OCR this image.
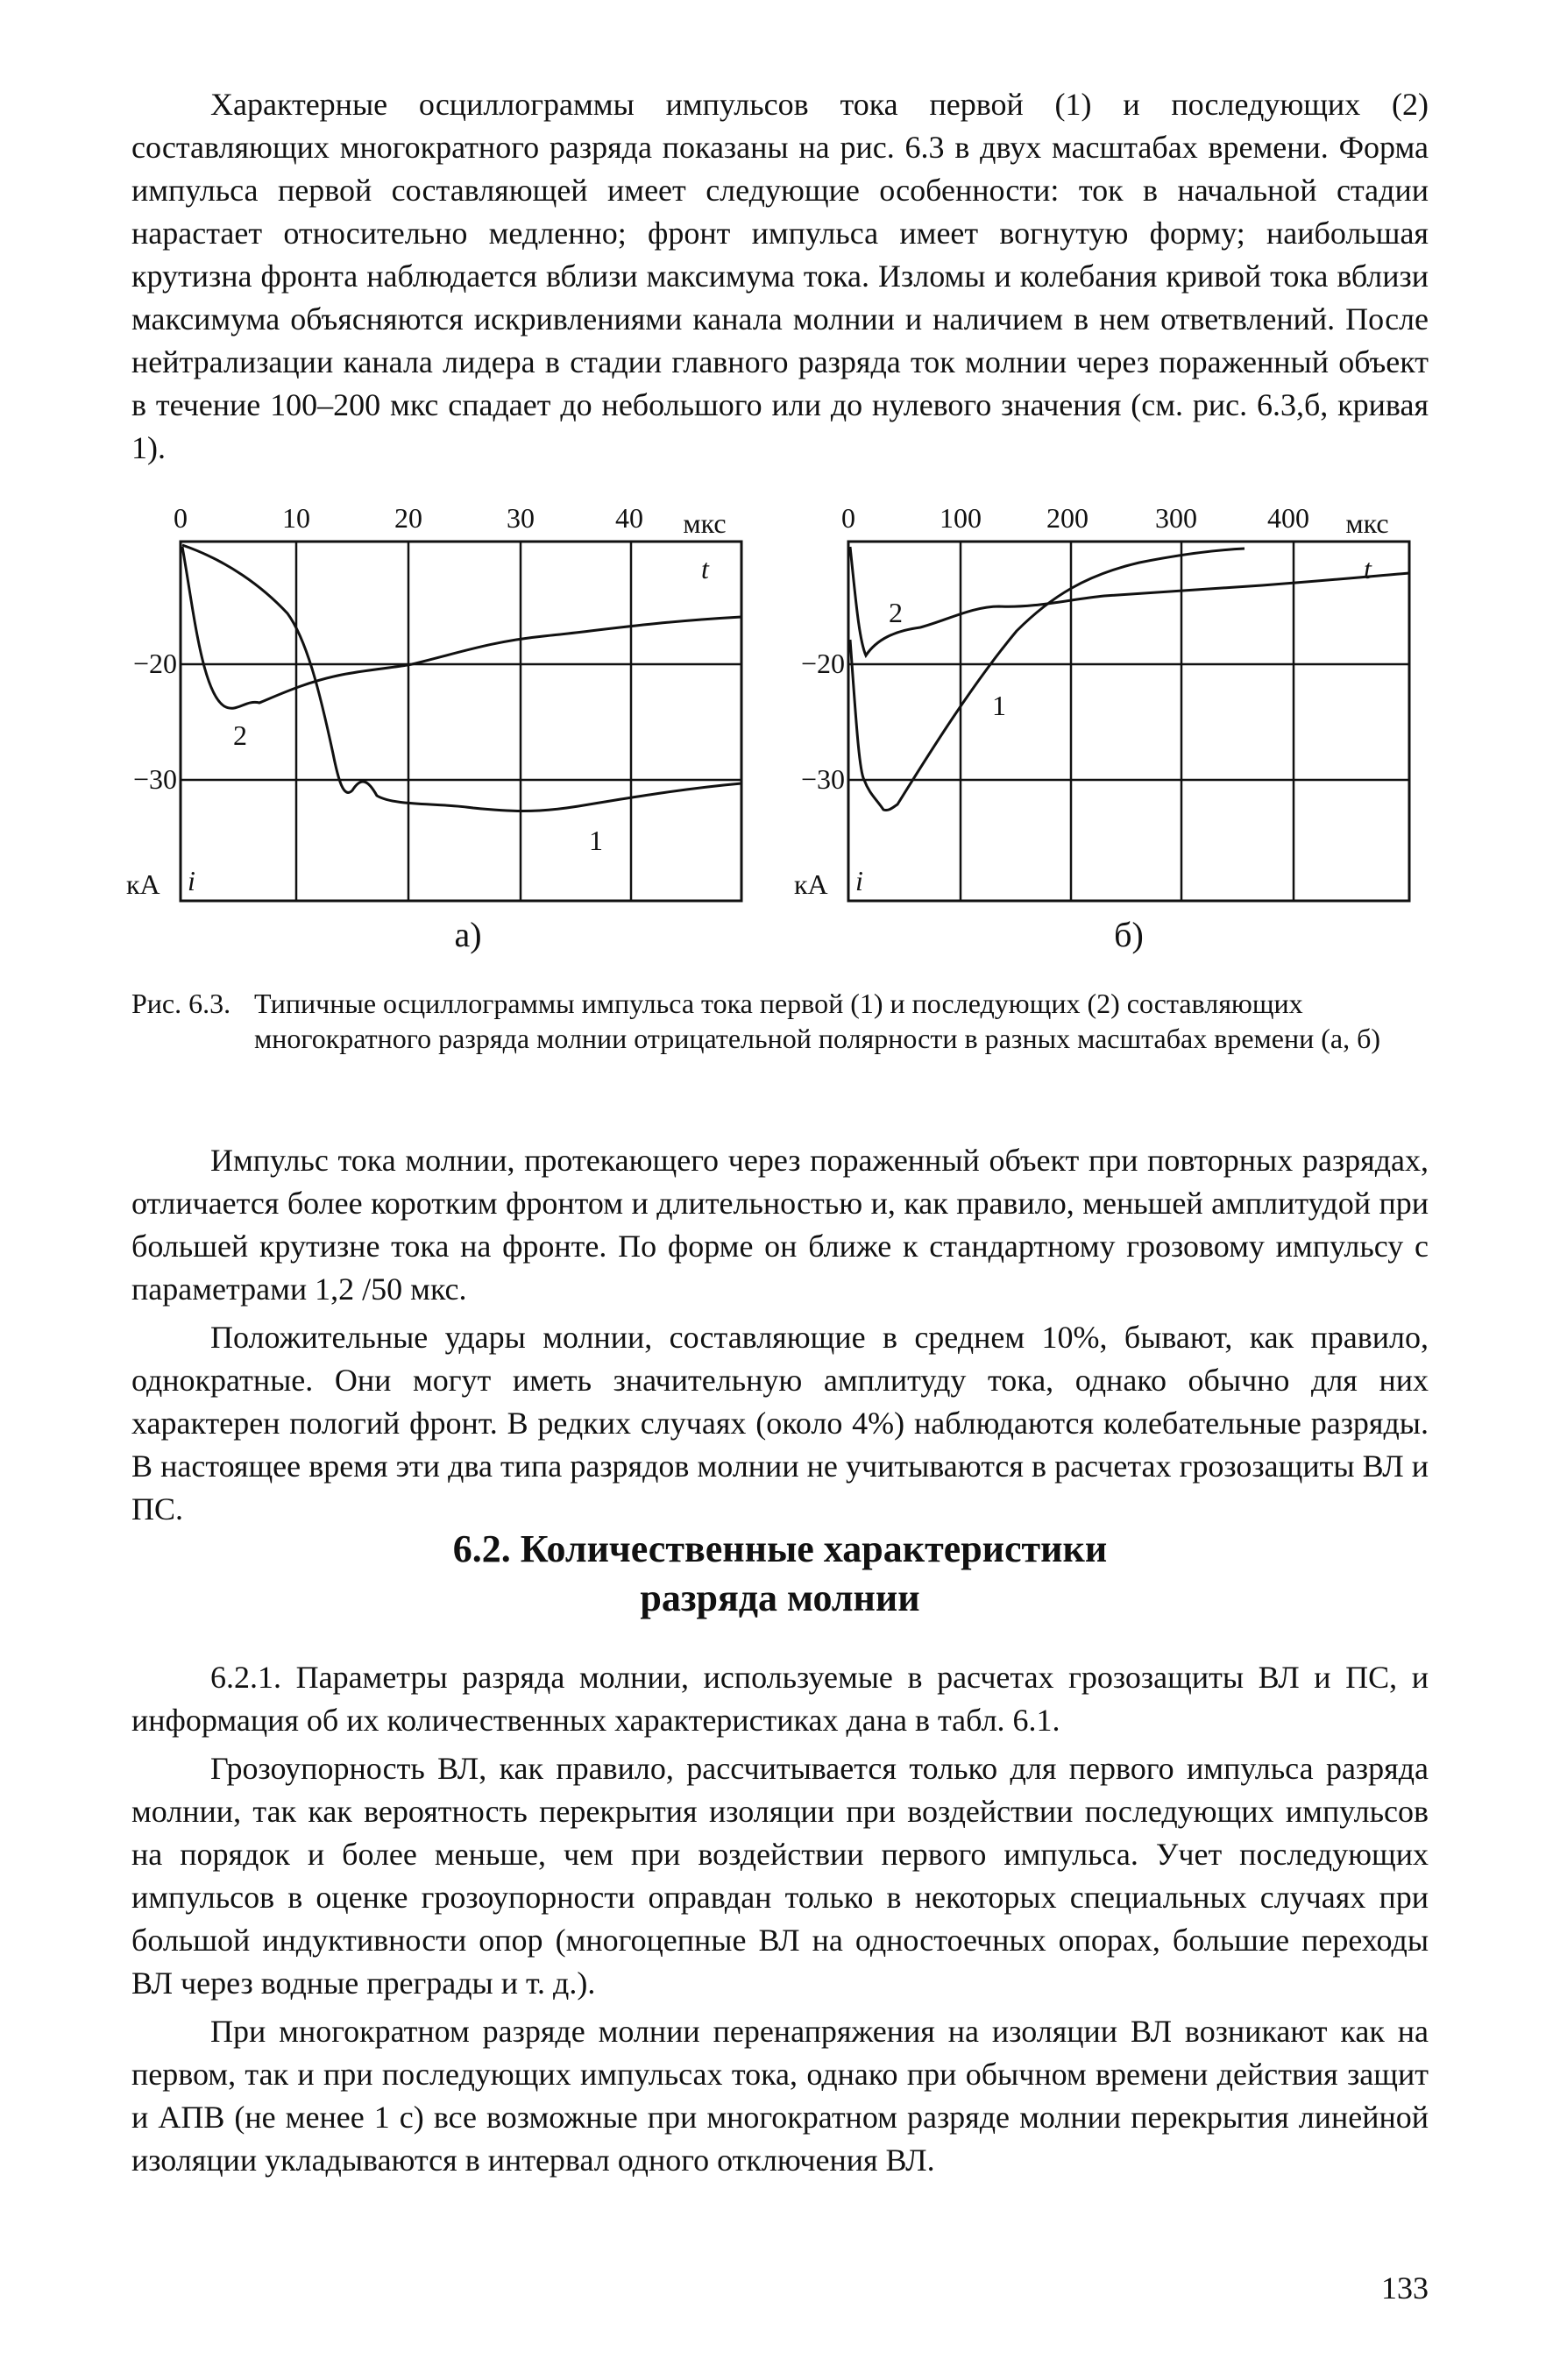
Характерные осциллограммы импульсов тока первой (1) и последующих (2) составляющих многократного разряда показаны на рис. 6.3 в двух масштабах времени. Форма импульса первой составляющей имеет следующие особенности: ток в начальной стадии нарастает относительно медленно; фронт импульса имеет вогнутую форму; наибольшая крутизна фронта наблюдается вблизи максимума тока. Изломы и колебания кривой тока вблизи максимума объясняются искривлениями канала молнии и наличием в нем ответвлений. После нейтрализации канала лидера в стадии главного разряда ток молнии через пораженный объект в течение 100–200 мкс спадает до небольшого или до нулевого значения (см. рис. 6.3,б, кривая 1).

0	10	20	30	40 мкс
t
−20
−30
кА i
2
1
а)
0	100 200 300	400 мкс
t
−20
−30
кА i
2
1
б)
Рис. 6.3. Типичные осциллограммы импульса тока первой (1) и последующих (2) составляющих многократного разряда молнии отрицательной полярности в разных масштабах времени (а, б)

Импульс тока молнии, протекающего через пораженный объект при повторных разрядах, отличается более коротким фронтом и длительностью и, как правило, меньшей амплитудой при большей крутизне тока на фронте. По форме он ближе к стандартному грозовому импульсу с параметрами 1,2 /50 мкс.

Положительные удары молнии, составляющие в среднем 10%, бывают, как правило, однократные. Они могут иметь значительную амплитуду тока, однако обычно для них характерен пологий фронт. В редких случаях (около 4%) наблюдаются колебательные разряды. В настоящее время эти два типа разрядов молнии не учитываются в расчетах грозозащиты ВЛ и ПС.

6.2. Количественные характеристики
разряда молнии

6.2.1. Параметры разряда молнии, используемые в расчетах грозозащиты ВЛ и ПС, и информация об их количественных характеристиках дана в табл. 6.1.

Грозоупорность ВЛ, как правило, рассчитывается только для первого импульса разряда молнии, так как вероятность перекрытия изоляции при воздействии последующих импульсов на порядок и более меньше, чем при воздействии первого импульса. Учет последующих импульсов в оценке грозоупорности оправдан только в некоторых специальных случаях при большой индуктивности опор (многоцепные ВЛ на одностоечных опорах, большие переходы ВЛ через водные преграды и т. д.).

При многократном разряде молнии перенапряжения на изоляции ВЛ возникают как на первом, так и при последующих импульсах тока, однако при обычном времени действия защит и АПВ (не менее 1 с) все возможные при многократном разряде молнии перекрытия линейной изоляции укладываются в интервал одного отключения ВЛ.

133
